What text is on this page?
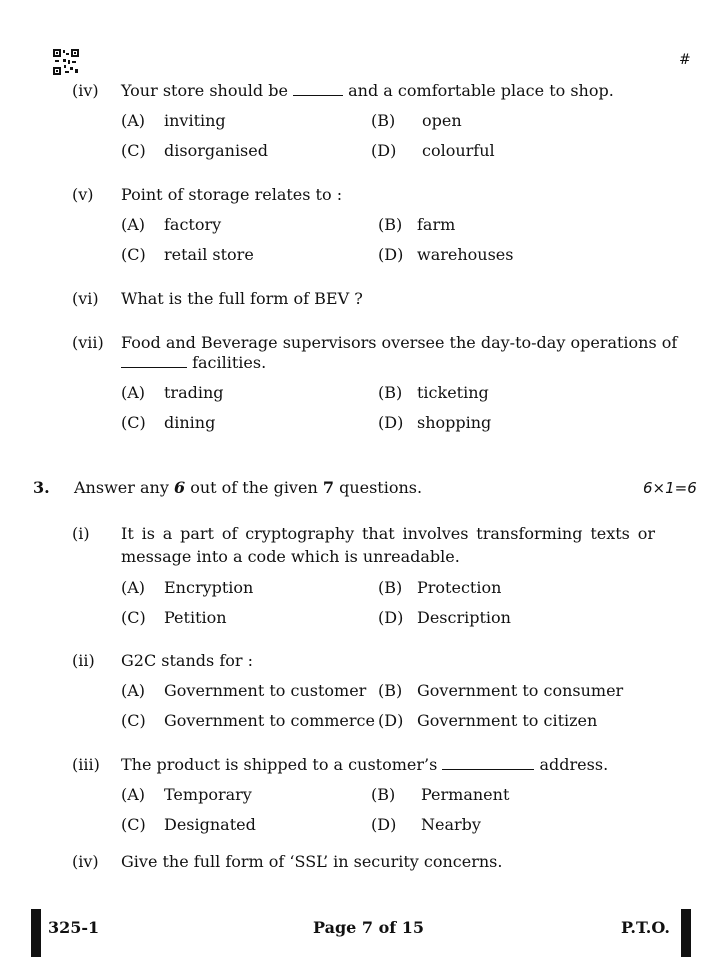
#
(iv) Your store should be	and a comfortable place to shop.
(A) inviting	(B) open
(C) disorganised	(D) colourful
(v) Point of storage relates to :
(A) factory	(B) farm
(C) retail store	(D) warehouses
(vi) What is the full form of BEV ?
(vii) Food and Beverage supervisors oversee the day-to-day operations of
facilities.
(A) trading	(B) ticketing
(C) dining	(D) shopping
3. Answer any 6 out of the given 7 questions.	6×1=6
(i) It is a part of cryptography that involves transforming texts or
message into a code which is unreadable.
(A) Encryption	(B) Protection
(C) Petition	(D) Description
(ii) G2C stands for :
(A) Government to customer (B) Government to consumer
(C) Government to commerce (D) Government to citizen
(iii) The product is shipped to a customer’s	address.
(A) Temporary	(B) Permanent
(C) Designated	(D) Nearby
(iv) Give the full form of ‘SSL’ in security concerns.
325-1	Page 7 of 15	P.T.O.
